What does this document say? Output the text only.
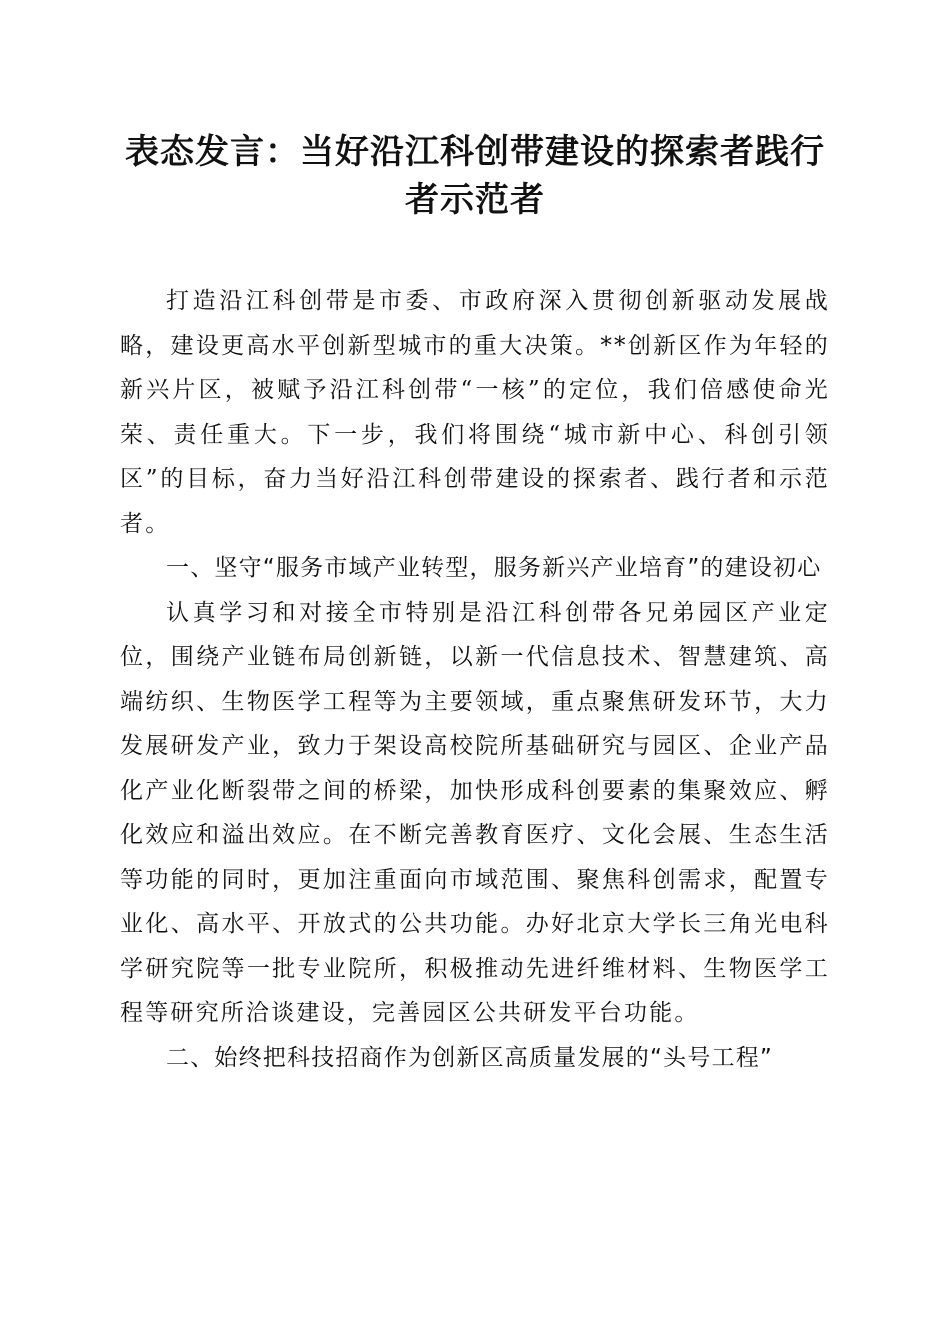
表态发言：当好沿江科创带建设的探索者践行者示范者

打造沿江科创带是市委、市政府深入贯彻创新驱动发展战略，建设更高水平创新型城市的重大决策。**创新区作为年轻的新兴片区，被赋予沿江科创带“一核”的定位，我们倍感使命光荣、责任重大。下一步，我们将围绕“城市新中心、科创引领区”的目标，奋力当好沿江科创带建设的探索者、践行者和示范者。

一、坚守“服务市域产业转型，服务新兴产业培育”的建设初心

认真学习和对接全市特别是沿江科创带各兄弟园区产业定位，围绕产业链布局创新链，以新一代信息技术、智慧建筑、高端纺织、生物医学工程等为主要领域，重点聚焦研发环节，大力发展研发产业，致力于架设高校院所基础研究与园区、企业产品化产业化断裂带之间的桥梁，加快形成科创要素的集聚效应、孵化效应和溢出效应。在不断完善教育医疗、文化会展、生态生活等功能的同时，更加注重面向市域范围、聚焦科创需求，配置专业化、高水平、开放式的公共功能。办好北京大学长三角光电科学研究院等一批专业院所，积极推动先进纤维材料、生物医学工程等研究所洽谈建设，完善园区公共研发平台功能。

二、始终把科技招商作为创新区高质量发展的“头号工程”
